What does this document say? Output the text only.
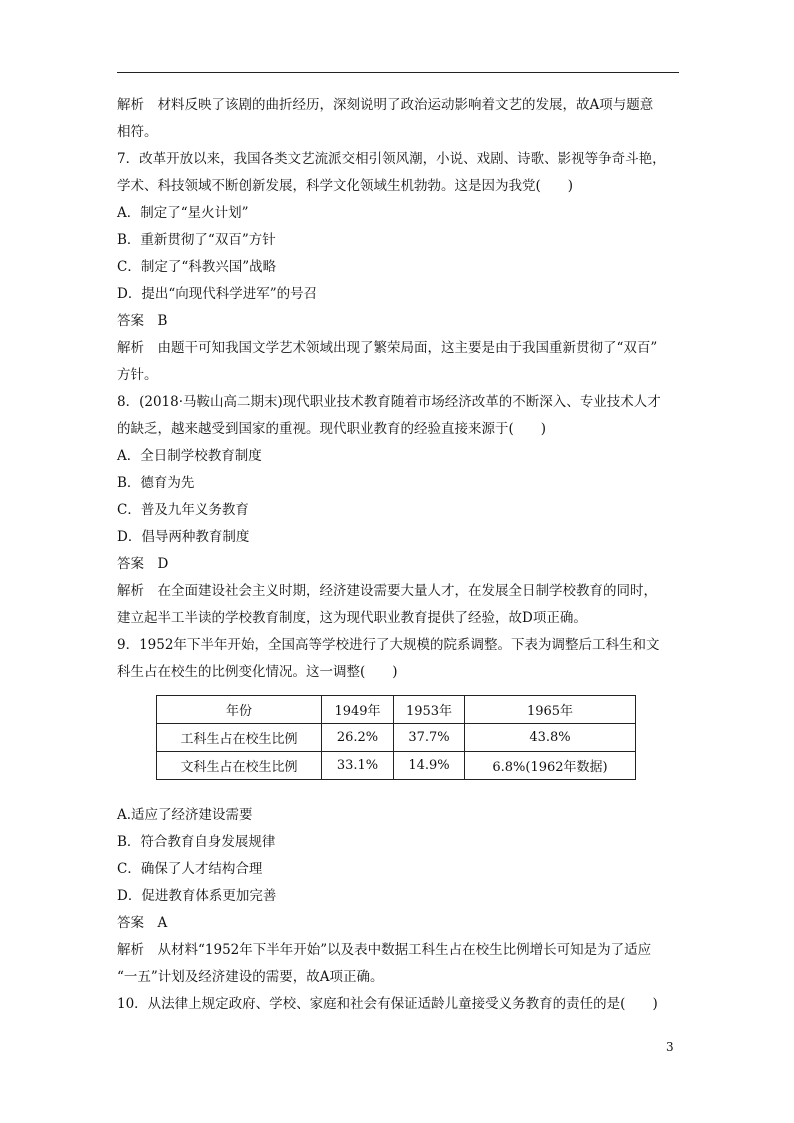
解析　材料反映了该剧的曲折经历，深刻说明了政治运动影响着文艺的发展，故A项与题意
相符。
7．改革开放以来，我国各类文艺流派交相引领风潮，小说、戏剧、诗歌、影视等争奇斗艳，
学术、科技领域不断创新发展，科学文化领域生机勃勃。这是因为我党(　　)
A．制定了“星火计划”
B．重新贯彻了“双百”方针
C．制定了“科教兴国”战略
D．提出“向现代科学进军”的号召
答案　B
解析　由题干可知我国文学艺术领域出现了繁荣局面，这主要是由于我国重新贯彻了“双百”
方针。
8．(2018·马鞍山高二期末)现代职业技术教育随着市场经济改革的不断深入、专业技术人才
的缺乏，越来越受到国家的重视。现代职业教育的经验直接来源于(　　)
A．全日制学校教育制度
B．德育为先
C．普及九年义务教育
D．倡导两种教育制度
答案　D
解析　在全面建设社会主义时期，经济建设需要大量人才，在发展全日制学校教育的同时，
建立起半工半读的学校教育制度，这为现代职业教育提供了经验，故D项正确。
9．1952年下半年开始，全国高等学校进行了大规模的院系调整。下表为调整后工科生和文
科生占在校生的比例变化情况。这一调整(　　)
年份	1949年	1953年	1965年
工科生占在校生比例	26.2%	37.7%	43.8%
文科生占在校生比例	33.1%	14.9%	6.8%(1962年数据)
A.适应了经济建设需要
B．符合教育自身发展规律
C．确保了人才结构合理
D．促进教育体系更加完善
答案　A
解析　从材料“1952年下半年开始”以及表中数据工科生占在校生比例增长可知是为了适应
“一五”计划及经济建设的需要，故A项正确。
10．从法律上规定政府、学校、家庭和社会有保证适龄儿童接受义务教育的责任的是(　　)
3
